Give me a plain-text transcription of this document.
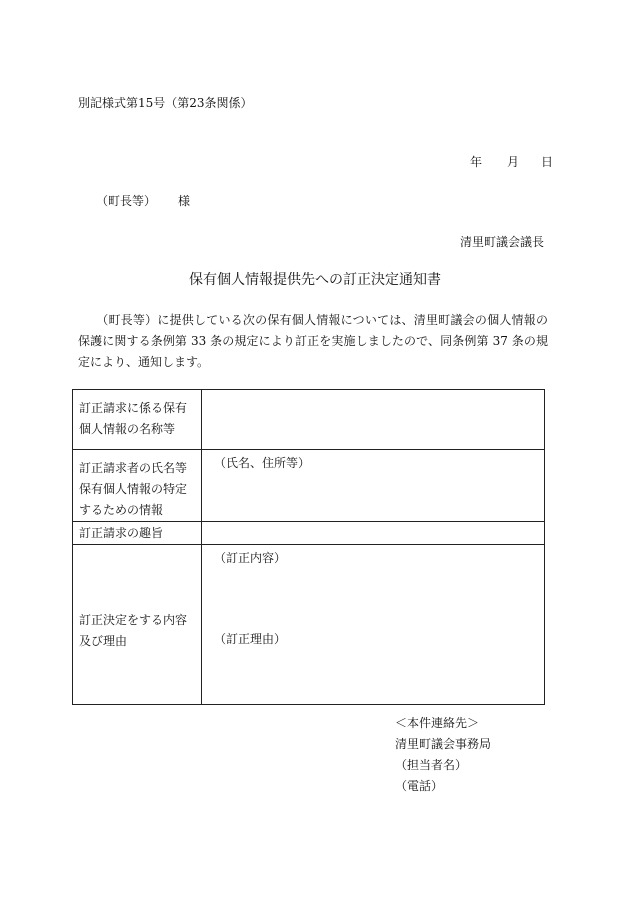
別記様式第15号（第23条関係）
年 月 日
（町長等） 様
清里町議会議長
保有個人情報提供先への訂正決定通知書
（町長等）に提供している次の保有個人情報については、清里町議会の個人情報の保護に関する条例第 33 条の規定により訂正を実施しましたので、同条例第 37 条の規定により、通知します。
訂正請求に係る保有個人情報の名称等	
訂正請求者の氏名等保有個人情報の特定するための情報	（氏名、住所等）
訂正請求の趣旨	
訂正決定をする内容及び理由	（訂正内容）
（訂正理由）
＜本件連絡先＞
清里町議会事務局
（担当者名）
（電話）
